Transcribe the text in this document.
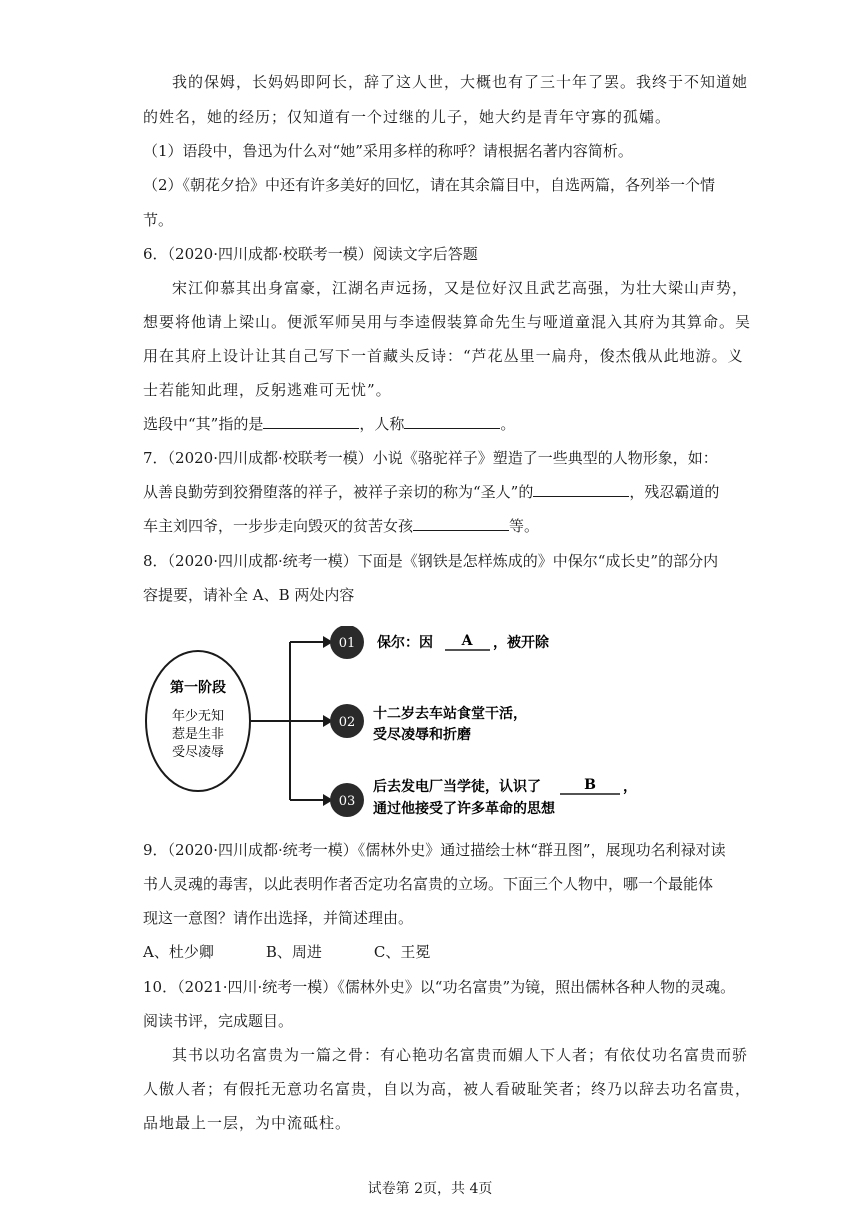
我的保姆，长妈妈即阿长，辞了这人世，大概也有了三十年了罢。我终于不知道她
的姓名，她的经历；仅知道有一个过继的儿子，她大约是青年守寡的孤孀。
（1）语段中，鲁迅为什么对“她”采用多样的称呼？请根据名著内容简析。
（2）《朝花夕拾》中还有许多美好的回忆，请在其余篇目中，自选两篇，各列举一个情
节。
6．（2020·四川成都·校联考一模）阅读文字后答题
宋江仰慕其出身富豪，江湖名声远扬，又是位好汉且武艺高强，为壮大梁山声势，
想要将他请上梁山。便派军师吴用与李逵假装算命先生与哑道童混入其府为其算命。吴
用在其府上设计让其自己写下一首藏头反诗：“芦花丛里一扁舟，俊杰俄从此地游。义
士若能知此理，反躬逃难可无忧”。
选段中“其”指的是	，人称	。
7．（2020·四川成都·校联考一模）小说《骆驼祥子》塑造了一些典型的人物形象，如：
从善良勤劳到狡猾堕落的祥子，被祥子亲切的称为“圣人”的	，残忍霸道的
车主刘四爷，一步步走向毁灭的贫苦女孩	等。
8．（2020·四川成都·统考一模）下面是《钢铁是怎样炼成的》中保尔“成长史”的部分内
容提要，请补全 A、B 两处内容
第一阶段
年少无知
惹是生非
受尽凌辱
01
02
03
保尔：因 A ，被开除
十二岁去车站食堂干活，
受尽凌辱和折磨
后去发电厂当学徒，认识了	B ，
通过他接受了许多革命的思想
9．（2020·四川成都·统考一模）《儒林外史》通过描绘士林“群丑图”，展现功名利禄对读
书人灵魂的毒害，以此表明作者否定功名富贵的立场。下面三个人物中，哪一个最能体
现这一意图？请作出选择，并简述理由。
A、杜少卿	B、周进	C、王冕
10．（2021·四川·统考一模）《儒林外史》以“功名富贵”为镜，照出儒林各种人物的灵魂。
阅读书评，完成题目。
其书以功名富贵为一篇之骨：有心艳功名富贵而媚人下人者；有依仗功名富贵而骄
人傲人者；有假托无意功名富贵，自以为高，被人看破耻笑者；终乃以辞去功名富贵，
品地最上一层，为中流砥柱。
试卷第 2页，共 4页
